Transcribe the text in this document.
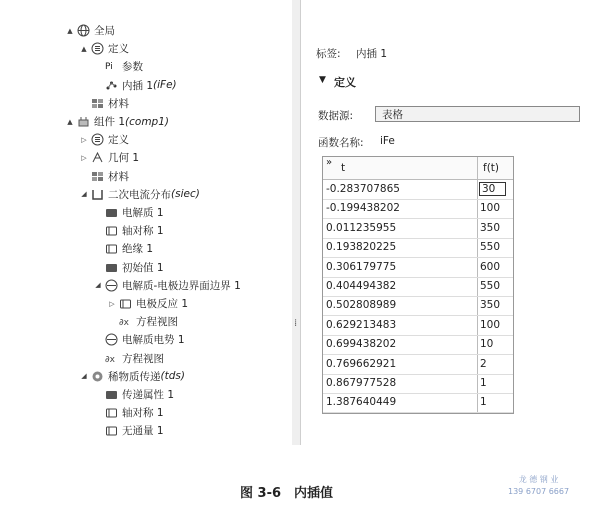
⁞
▲ 全局
▲ 定义
Pi 参数
内插 1 (iFe)
材料
▲ 组件 1 (comp1)
▷ 定义
▷ 几何 1
材料
◢ 二次电流分布 (siec)
电解质 1
轴对称 1
绝缘 1
初始值 1
◢ 电解质-电极边界面边界 1
▷ 电极反应 1
∂x 方程视图
电解质电势 1
∂x 方程视图
◢ 稀物质传递 (tds)
传递属性 1
轴对称 1
无通量 1
标签: 内插 1
▼ 定义
数据源:	表格
函数名称: iFe
» t	f(t)
-0.283707865	30
-0.199438202	100
0.011235955	350
0.193820225	550
0.306179775	600
0.404494382	550
0.502808989	350
0.629213483	100
0.699438202	10
0.769662921	2
0.867977528	1
1.387640449	1
图 3-6　内插值
龙 德 钢 业
139 6707 6667
